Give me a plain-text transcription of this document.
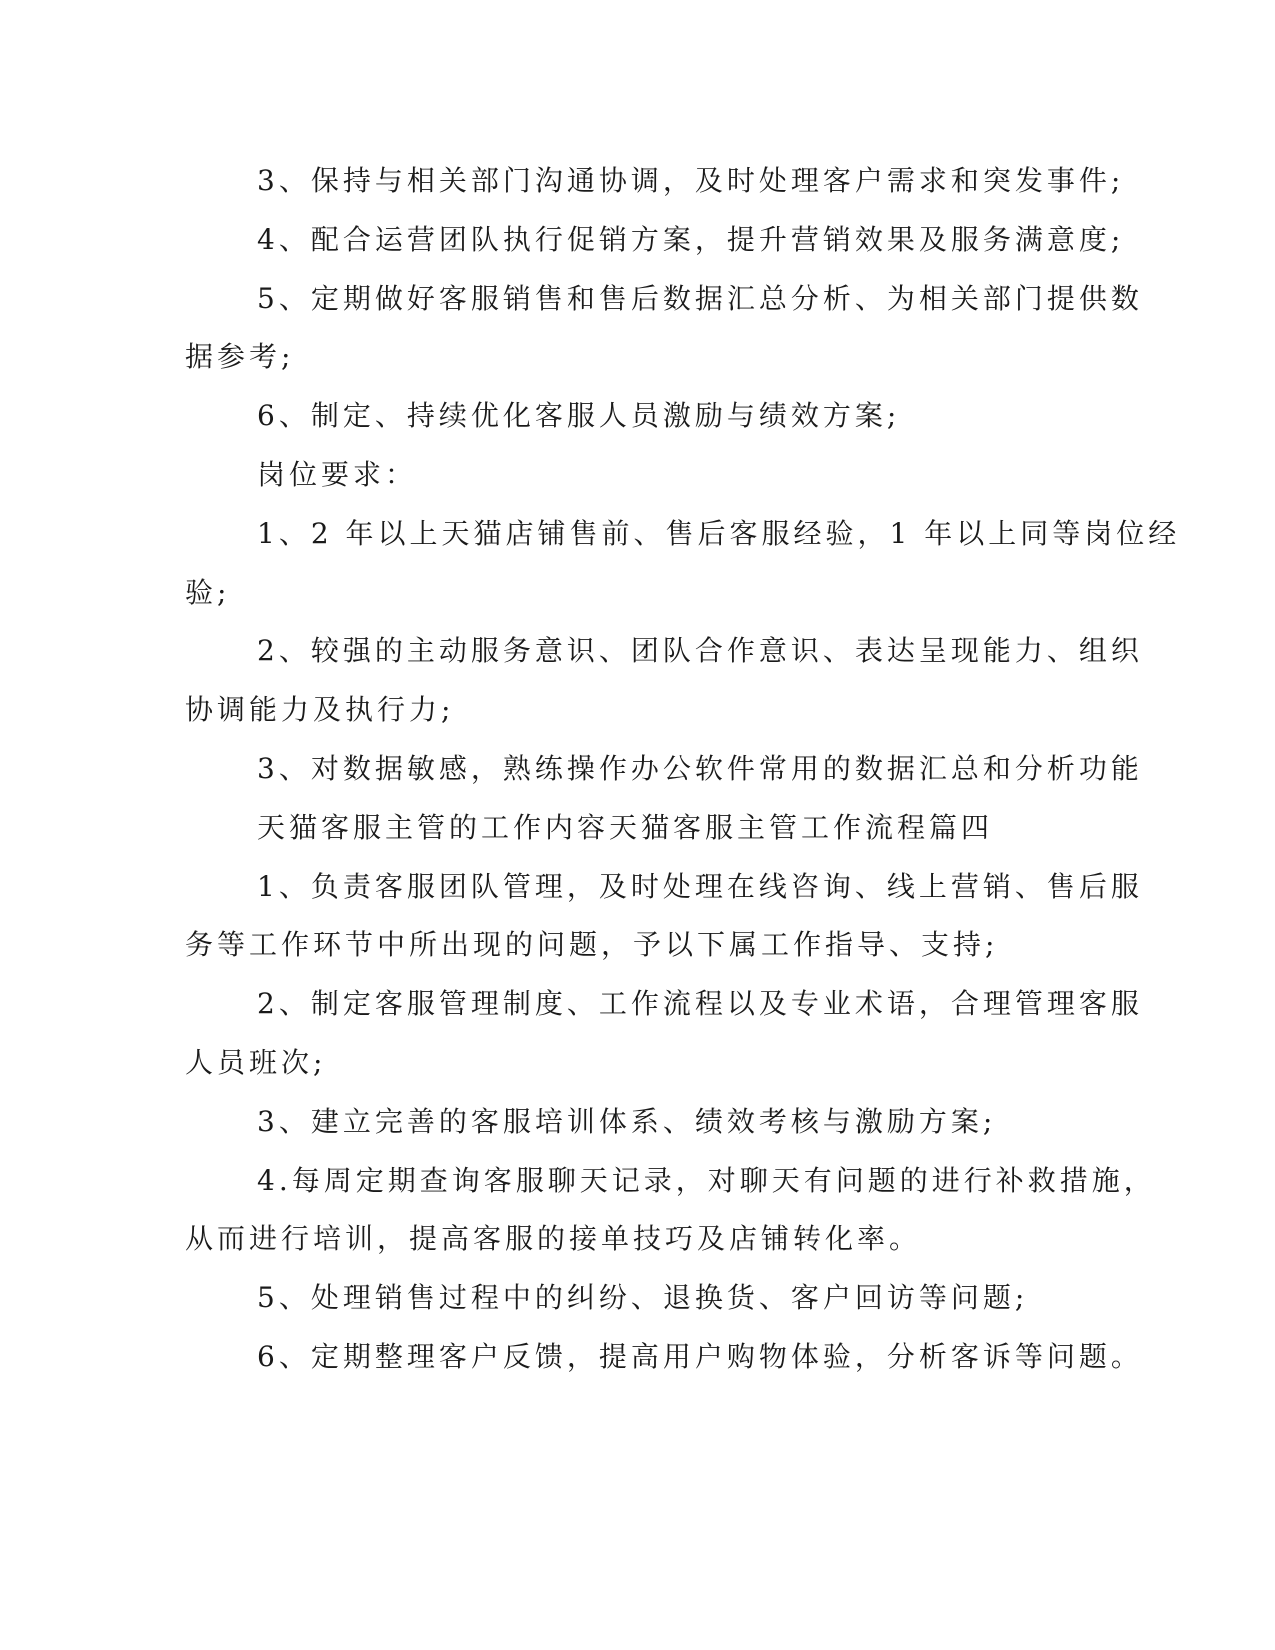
3、保持与相关部门沟通协调，及时处理客户需求和突发事件;
4、配合运营团队执行促销方案，提升营销效果及服务满意度;
5、定期做好客服销售和售后数据汇总分析、为相关部门提供数
据参考;
6、制定、持续优化客服人员激励与绩效方案;
岗位要求：
1、2 年以上天猫店铺售前、售后客服经验，1 年以上同等岗位经
验;
2、较强的主动服务意识、团队合作意识、表达呈现能力、组织
协调能力及执行力;
3、对数据敏感，熟练操作办公软件常用的数据汇总和分析功能
天猫客服主管的工作内容天猫客服主管工作流程篇四
1、负责客服团队管理，及时处理在线咨询、线上营销、售后服
务等工作环节中所出现的问题，予以下属工作指导、支持;
2、制定客服管理制度、工作流程以及专业术语，合理管理客服
人员班次;
3、建立完善的客服培训体系、绩效考核与激励方案;
4.每周定期查询客服聊天记录，对聊天有问题的进行补救措施，
从而进行培训，提高客服的接单技巧及店铺转化率。
5、处理销售过程中的纠纷、退换货、客户回访等问题;
6、定期整理客户反馈，提高用户购物体验，分析客诉等问题。
